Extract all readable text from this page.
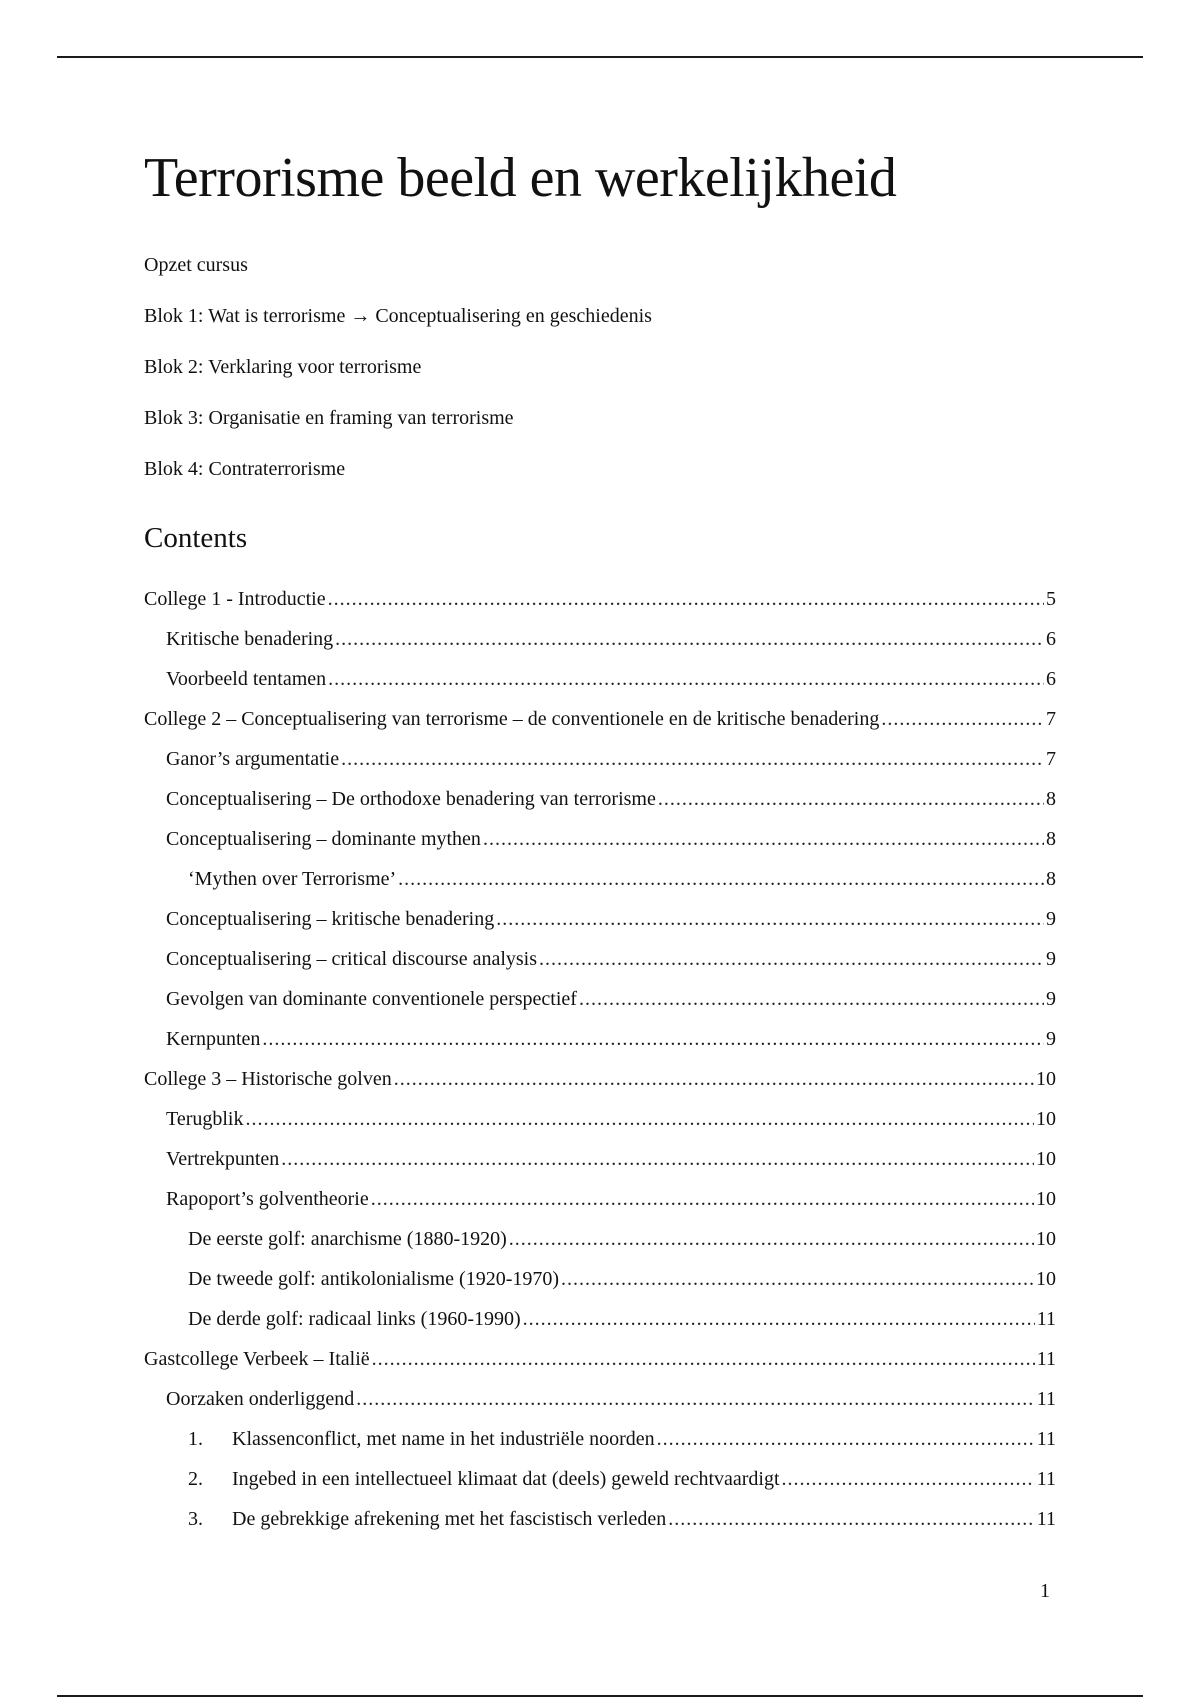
Terrorisme beeld en werkelijkheid
Opzet cursus
Blok 1: Wat is terrorisme → Conceptualisering en geschiedenis
Blok 2: Verklaring voor terrorisme
Blok 3: Organisatie en framing van terrorisme
Blok 4: Contraterrorisme
Contents
College 1 - Introductie .....	5
Kritische benadering .....	6
Voorbeeld tentamen .....	6
College 2 – Conceptualisering van terrorisme – de conventionele en de kritische benadering .....	7
Ganor’s argumentatie .....	7
Conceptualisering – De orthodoxe benadering van terrorisme .....	8
Conceptualisering – dominante mythen .....	8
‘Mythen over Terrorisme’ .....	8
Conceptualisering – kritische benadering .....	9
Conceptualisering – critical discourse analysis .....	9
Gevolgen van dominante conventionele perspectief .....	9
Kernpunten .....	9
College 3 – Historische golven .....	10
Terugblik .....	10
Vertrekpunten .....	10
Rapoport’s golventheorie .....	10
De eerste golf: anarchisme (1880-1920) .....	10
De tweede golf: antikolonialisme (1920-1970) .....	10
De derde golf: radicaal links (1960-1990) .....	11
Gastcollege Verbeek – Italië .....	11
Oorzaken onderliggend .....	11
1.	Klassenconflict, met name in het industriële noorden .....	11
2.	Ingebed in een intellectueel klimaat dat (deels) geweld rechtvaardigt .....	11
3.	De gebrekkige afrekening met het fascistisch verleden .....	11
1
